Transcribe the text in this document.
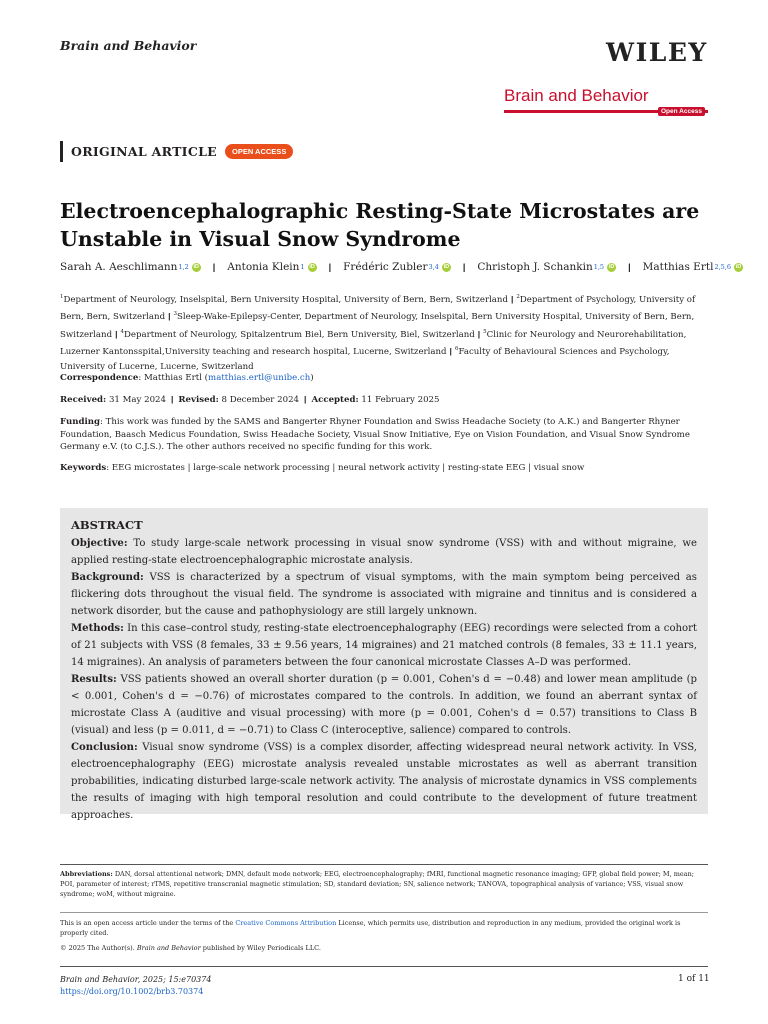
Brain and Behavior	WILEY
Brain and Behavior
Open Access
ORIGINAL ARTICLE	OPEN ACCESS
Electroencephalographic Resting-State Microstates are Unstable in Visual Snow Syndrome
Sarah A. Aeschlimann 1,2 iD | Antonia Klein 1 iD | Frédéric Zubler 3,4 iD | Christoph J. Schankin 1,5 iD | Matthias Ertl 2,5,6 iD
$^1$Department of Neurology, Inselspital, Bern University Hospital, University of Bern, Bern, Switzerland | $^2$Department of Psychology, University of Bern, Bern, Switzerland | $^3$Sleep-Wake-Epilepsy-Center, Department of Neurology, Inselspital, Bern University Hospital, University of Bern, Bern, Switzerland | $^4$Department of Neurology, Spitalzentrum Biel, Bern University, Biel, Switzerland | $^5$Clinic for Neurology and Neurorehabilitation, Luzerner Kantonsspital,University teaching and research hospital, Lucerne, Switzerland | $^6$Faculty of Behavioural Sciences and Psychology, University of Lucerne, Lucerne, Switzerland
Correspondence: Matthias Ertl (matthias.ertl@unibe.ch)
Received: 31 May 2024 | Revised: 8 December 2024 | Accepted: 11 February 2025
Funding: This work was funded by the SAMS and Bangerter Rhyner Foundation and Swiss Headache Society (to A.K.) and Bangerter Rhyner Foundation, Baasch Medicus Foundation, Swiss Headache Society, Visual Snow Initiative, Eye on Vision Foundation, and Visual Snow Syndrome Germany e.V. (to C.J.S.). The other authors received no specific funding for this work.
Keywords: EEG microstates | large-scale network processing | neural network activity | resting-state EEG | visual snow
ABSTRACT

Objective: To study large-scale network processing in visual snow syndrome (VSS) with and without migraine, we applied resting-state electroencephalographic microstate analysis.

Background: VSS is characterized by a spectrum of visual symptoms, with the main symptom being perceived as flickering dots throughout the visual field. The syndrome is associated with migraine and tinnitus and is considered a network disorder, but the cause and pathophysiology are still largely unknown.

Methods: In this case–control study, resting-state electroencephalography (EEG) recordings were selected from a cohort of 21 subjects with VSS (8 females, 33 ± 9.56 years, 14 migraines) and 21 matched controls (8 females, 33 ± 11.1 years, 14 migraines). An analysis of parameters between the four canonical microstate Classes A–D was performed.

Results: VSS patients showed an overall shorter duration (p = 0.001, Cohen's d = −0.48) and lower mean amplitude (p < 0.001, Cohen's d = −0.76) of microstates compared to the controls. In addition, we found an aberrant syntax of microstate Class A (auditive and visual processing) with more (p = 0.001, Cohen's d = 0.57) transitions to Class B (visual) and less (p = 0.011, d = −0.71) to Class C (interoceptive, salience) compared to controls.

Conclusion: Visual snow syndrome (VSS) is a complex disorder, affecting widespread neural network activity. In VSS, electroencephalography (EEG) microstate analysis revealed unstable microstates as well as aberrant transition probabilities, indicating disturbed large-scale network activity. The analysis of microstate dynamics in VSS complements the results of imaging with high temporal resolution and could contribute to the development of future treatment approaches.

Abbreviations: DAN, dorsal attentional network; DMN, default mode network; EEG, electroencephalography; fMRI, functional magnetic resonance imaging; GFP, global field power; M, mean; POI, parameter of interest; rTMS, repetitive transcranial magnetic stimulation; SD, standard deviation; SN, salience network; TANOVA, topographical analysis of variance; VSS, visual snow syndrome; woM, without migraine.
This is an open access article under the terms of the Creative Commons Attribution License, which permits use, distribution and reproduction in any medium, provided the original work is properly cited.
© 2025 The Author(s). Brain and Behavior published by Wiley Periodicals LLC.
Brain and Behavior, 2025; 15:e70374
https://doi.org/10.1002/brb3.70374
1 of 11
